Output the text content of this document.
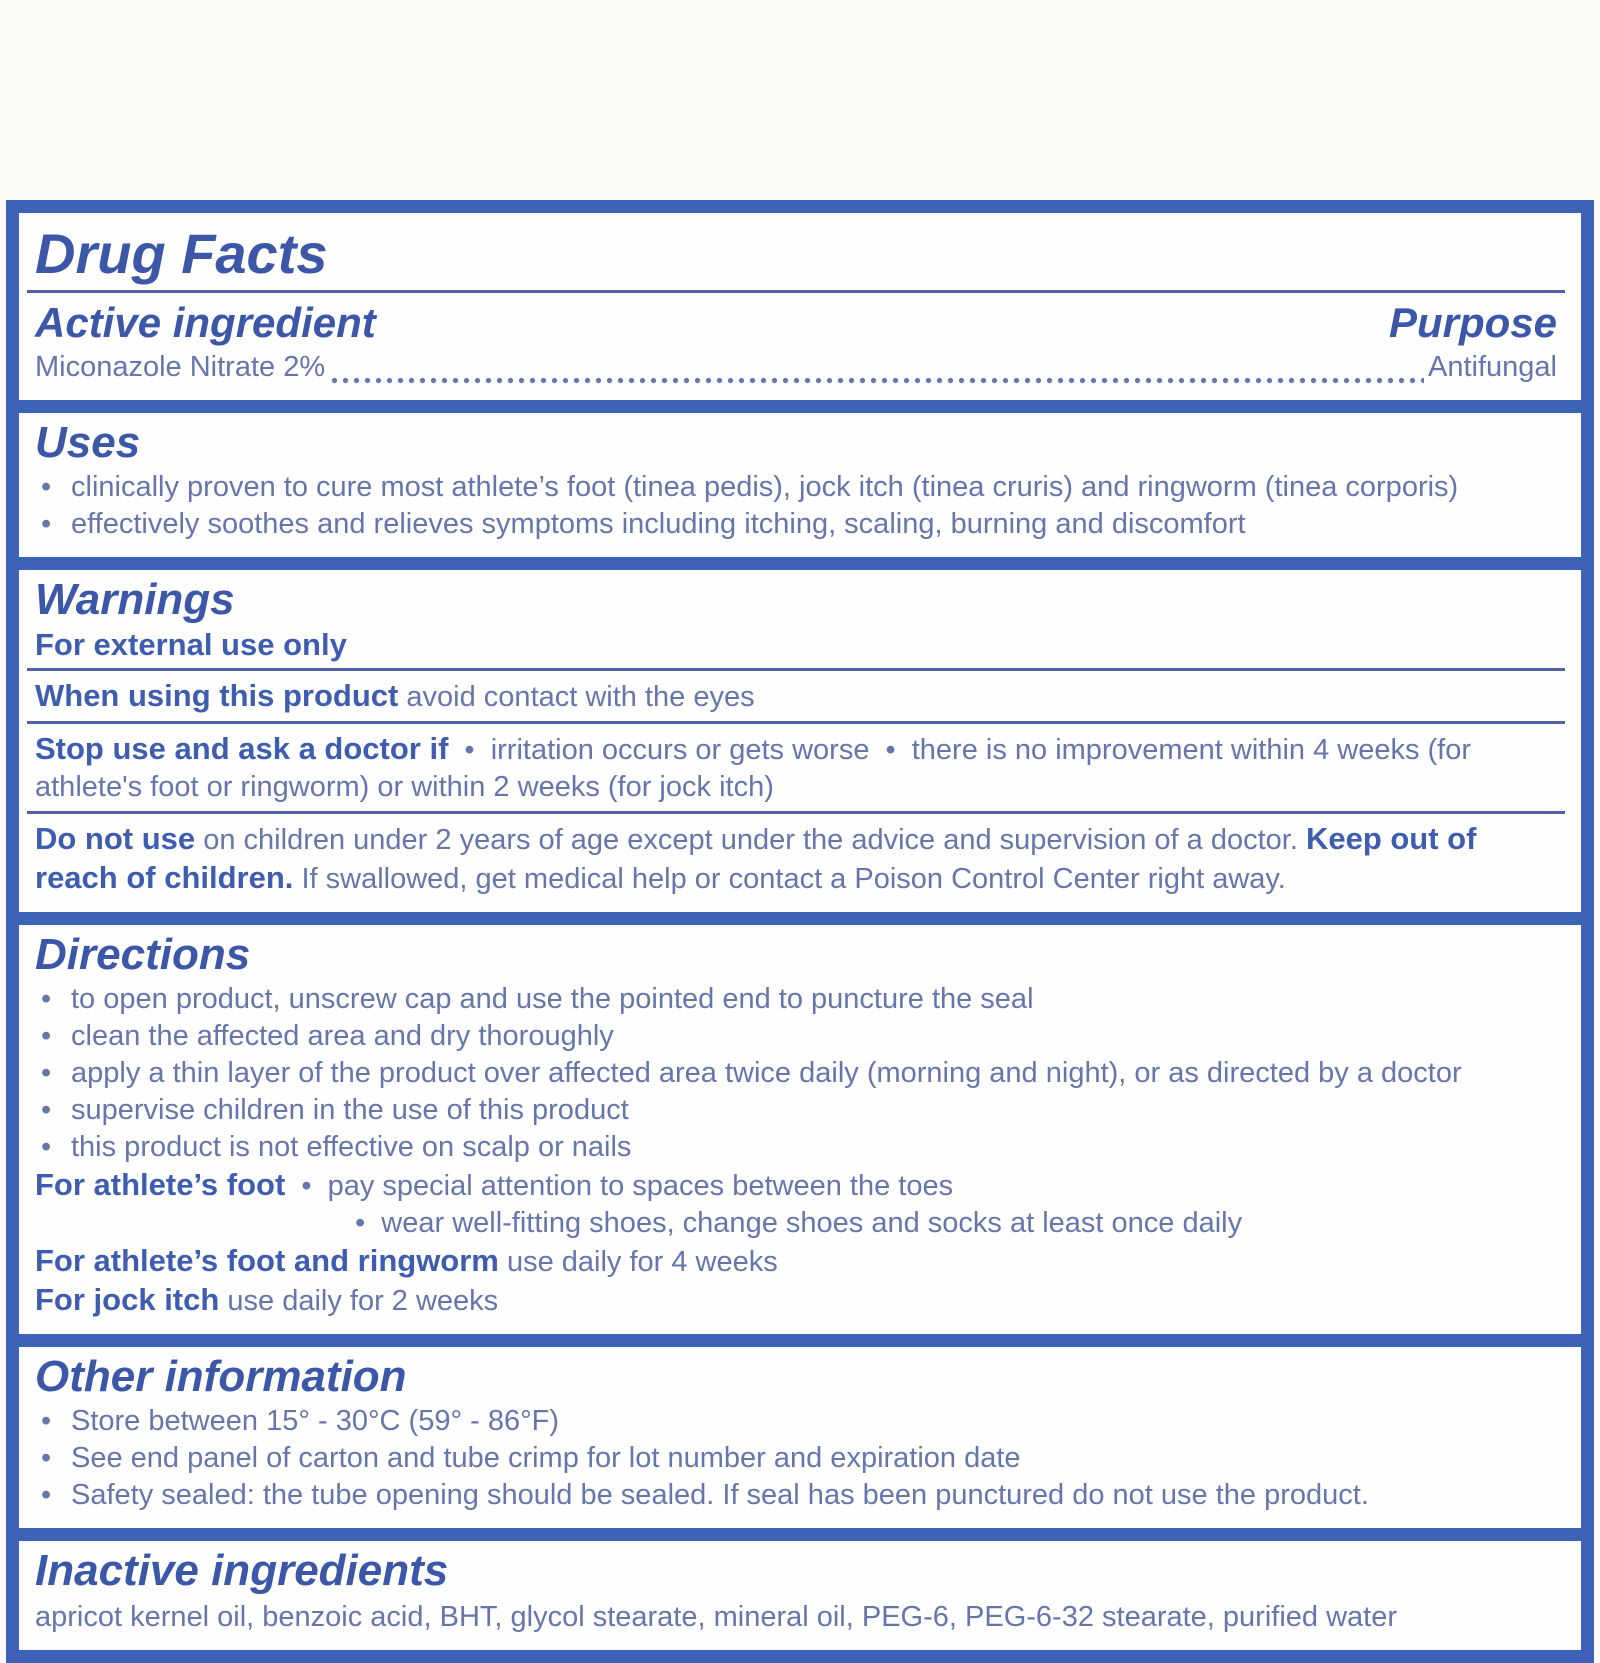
Drug Facts
Active ingredient	Purpose
Miconazole Nitrate 2%	Antifungal
Uses
• clinically proven to cure most athlete’s foot (tinea pedis), jock itch (tinea cruris) and ringworm (tinea corporis)
• effectively soothes and relieves symptoms including itching, scaling, burning and discomfort
Warnings

For external use only

When using this product avoid contact with the eyes

Stop use and ask a doctor if •  irritation occurs or gets worse •  there is no improvement within 4 weeks (for athlete's foot or ringworm) or within 2 weeks (for jock itch)

Do not use on children under 2 years of age except under the advice and supervision of a doctor. Keep out of reach of children. If swallowed, get medical help or contact a Poison Control Center right away.

Directions
• to open product, unscrew cap and use the pointed end to puncture the seal
• clean the affected area and dry thoroughly
• apply a thin layer of the product over affected area twice daily (morning and night), or as directed by a doctor
• supervise children in the use of this product
• this product is not effective on scalp or nails

For athlete’s foot •  pay special attention to spaces between the toes

•  wear well-fitting shoes, change shoes and socks at least once daily

For athlete’s foot and ringworm use daily for 4 weeks

For jock itch use daily for 2 weeks

Other information
• Store between 15° - 30°C (59° - 86°F)
• See end panel of carton and tube crimp for lot number and expiration date
• Safety sealed: the tube opening should be sealed. If seal has been punctured do not use the product.
Inactive ingredients

apricot kernel oil, benzoic acid, BHT, glycol stearate, mineral oil, PEG-6, PEG-6-32 stearate, purified water
